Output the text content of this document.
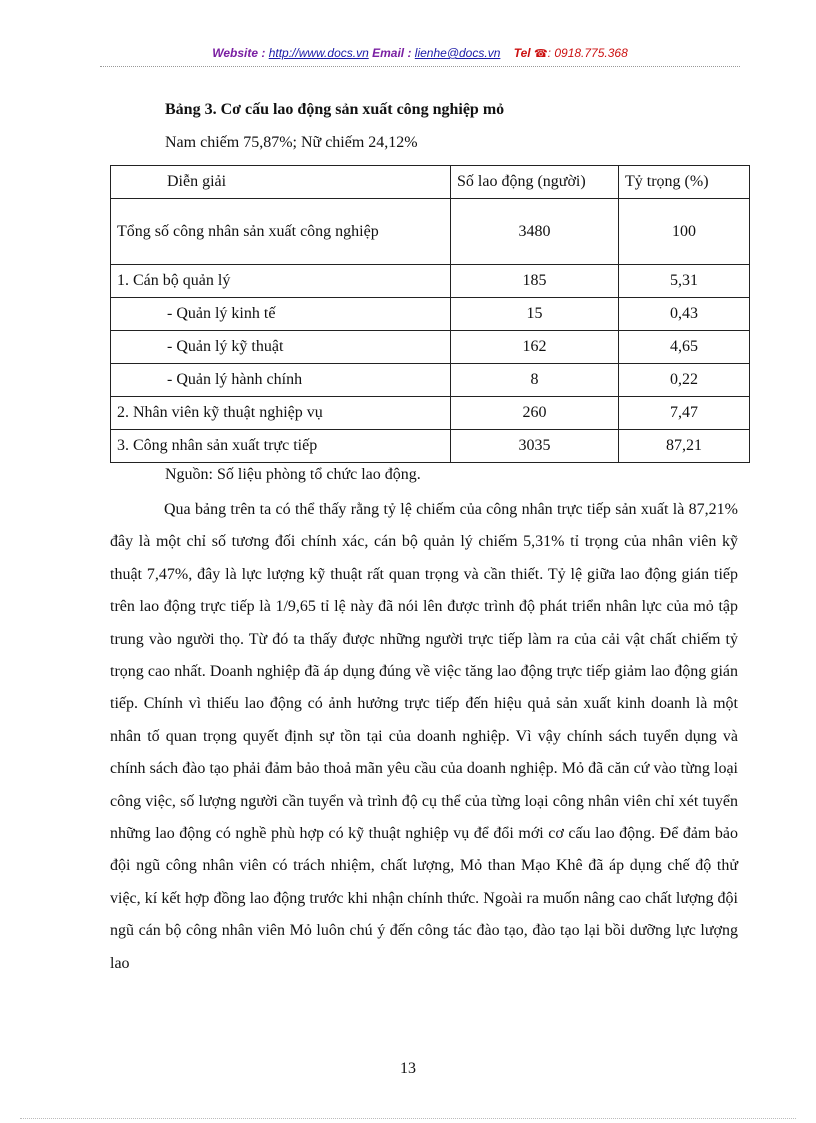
Website : http://www.docs.vn Email : lienhe@docs.vn Tel ☎: 0918.775.368
Bảng 3. Cơ cấu lao động sản xuất công nghiệp mỏ
Nam chiếm 75,87%; Nữ chiếm 24,12%
Diễn giải	Số lao động (người)	Tỷ trọng (%)
Tổng số công nhân sản xuất công nghiệp	3480	100
1. Cán bộ quản lý	185	5,31
- Quản lý kinh tế	15	0,43
- Quản lý kỹ thuật	162	4,65
- Quản lý hành chính	8	0,22
2. Nhân viên kỹ thuật nghiệp vụ	260	7,47
3. Công nhân sản xuất trực tiếp	3035	87,21
Nguồn: Số liệu phòng tổ chức lao động.

Qua bảng trên ta có thể thấy rằng tỷ lệ chiếm của công nhân trực tiếp sản xuất là 87,21% đây là một chỉ số tương đối chính xác, cán bộ quản lý chiếm 5,31% tỉ trọng của nhân viên kỹ thuật 7,47%, đây là lực lượng kỹ thuật rất quan trọng và cần thiết. Tỷ lệ giữa lao động gián tiếp trên lao động trực tiếp là 1/9,65 tỉ lệ này đã nói lên được trình độ phát triển nhân lực của mỏ tập trung vào người thọ. Từ đó ta thấy được những người trực tiếp làm ra của cải vật chất chiếm tỷ trọng cao nhất. Doanh nghiệp đã áp dụng đúng về việc tăng lao động trực tiếp giảm lao động gián tiếp. Chính vì thiếu lao động có ảnh hưởng trực tiếp đến hiệu quả sản xuất kinh doanh là một nhân tố quan trọng quyết định sự tồn tại của doanh nghiệp. Vì vậy chính sách tuyển dụng và chính sách đào tạo phải đảm bảo thoả mãn yêu cầu của doanh nghiệp. Mỏ đã căn cứ vào từng loại công việc, số lượng người cần tuyển và trình độ cụ thể của từng loại công nhân viên chỉ xét tuyển những lao động có nghề phù hợp có kỹ thuật nghiệp vụ để đổi mới cơ cấu lao động. Để đảm bảo đội ngũ công nhân viên có trách nhiệm, chất lượng, Mỏ than Mạo Khê đã áp dụng chế độ thử việc, kí kết hợp đồng lao động trước khi nhận chính thức. Ngoài ra muốn nâng cao chất lượng đội ngũ cán bộ công nhân viên Mỏ luôn chú ý đến công tác đào tạo, đào tạo lại bồi dưỡng lực lượng lao

13
